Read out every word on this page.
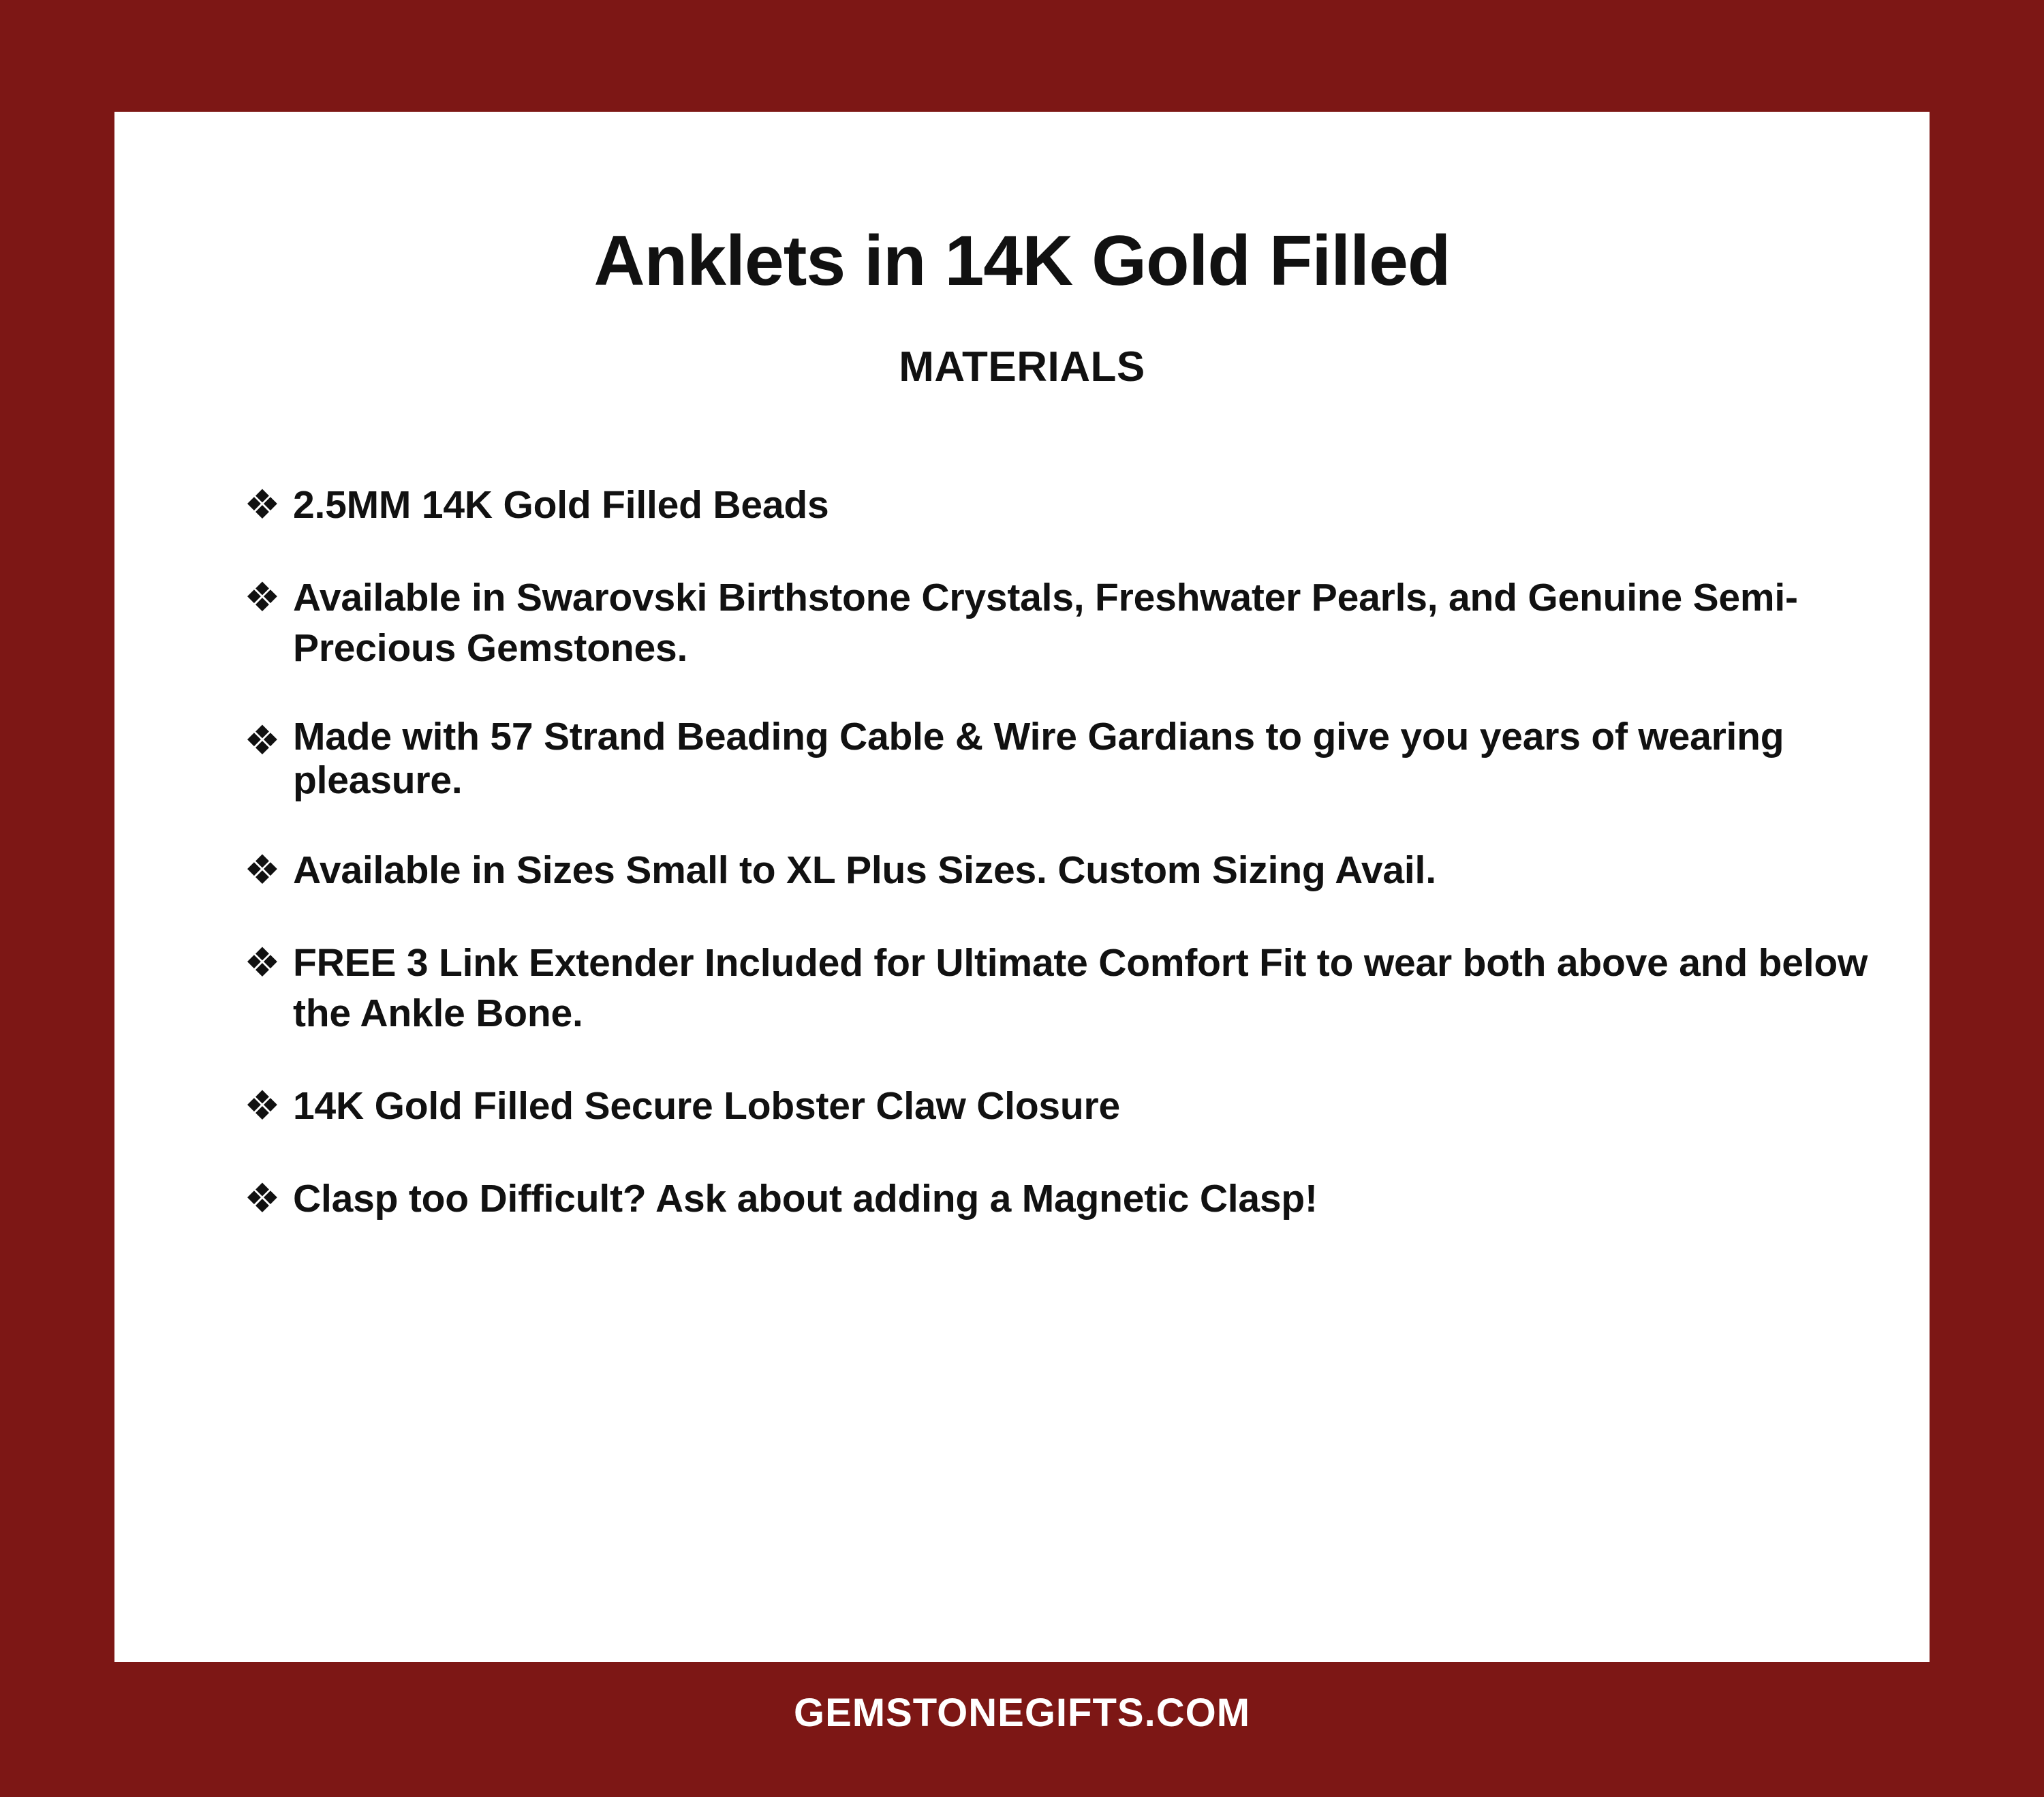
Anklets in 14K Gold Filled
MATERIALS
❖ 2.5MM 14K Gold Filled Beads
❖ Available in Swarovski Birthstone Crystals, Freshwater Pearls, and Genuine Semi-Precious Gemstones.
❖ Made with 57 Strand Beading Cable & Wire Gardians to give you years of wearing pleasure.
❖ Available in Sizes Small to XL Plus Sizes. Custom Sizing Avail.
❖ FREE 3 Link Extender Included for Ultimate Comfort Fit to wear both above and below the Ankle Bone.
❖ 14K Gold Filled Secure Lobster Claw Closure
❖ Clasp too Difficult? Ask about adding a Magnetic Clasp!
GEMSTONEGIFTS.COM
